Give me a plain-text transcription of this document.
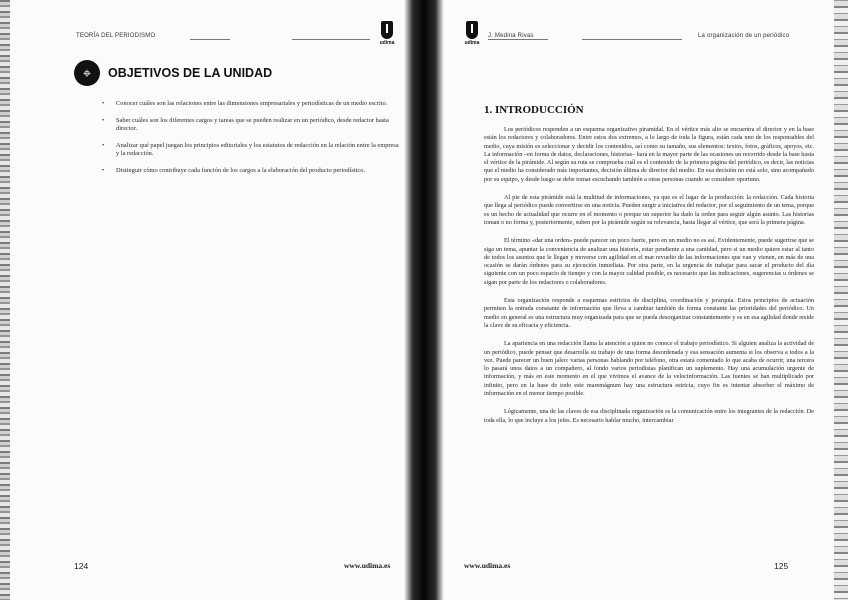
TEORÍA DEL PERIODISMO
udima
⌖	OBJETIVOS DE LA UNIDAD
• Conocer cuáles son las relaciones entre las dimensiones empresariales y periodísticas de un medio escrito.
• Saber cuáles son los diferentes cargos y tareas que se pueden realizar en un periódico, desde redactor hasta director.
• Analizar qué papel juegan los principios editoriales y los estatutos de redacción en la relación entre la empresa y la redacción.
• Distinguir cómo contribuye cada función de los cargos a la elaboración del producto periodístico.
124	www.udima.es
udima
J. Medina Rivas	La organización de un periódico
1. INTRODUCCIÓN

Los periódicos responden a un esquema organizativo piramidal. En el vértice más alto se encuentra el director y en la base están los redactores y colaboradores. Entre estos dos extremos, a lo largo de toda la figura, están cada uno de los responsables del medio, cuya misión es seleccionar y decidir los contenidos, así como su tamaño, sus elementos: textos, fotos, gráficos, apoyos, etc. La información –en forma de datos, declaraciones, historias– hará en la mayor parte de las ocasiones un recorrido desde la base hasta el vértice de la pirámide. Al según su ruta se comprueba cuál es el contenido de la primera página del periódico, es decir, las noticias que el medio ha considerado más importantes, decisión última de director del medio. En esa decisión no está solo, sino acompañado por su equipo, y desde luego se debe tomar escuchando también a otras personas cuando se considere oportuno.

Al pie de esta pirámide está la multitud de informaciones, ya que es el lugar de la producción: la redacción. Cada historia que llega al periódico puede convertirse en una noticia. Pueden surgir a iniciativa del redactor, por el seguimiento de un tema, porque es un hecho de actualidad que ocurre en el momento o porque un superior ha dado la orden para seguir algún asunto. Las historias toman o no forma y, posteriormente, suben por la pirámide según su relevancia, hasta llegar al vértice, que será la primera página.

El término «dar una orden» puede parecer un poco fuerte, pero en un medio no es así. Evidentemente, puede sugerirse que se siga un tema, apuntar la conveniencia de analizar una historia, estar pendiente a una cantidad, pero si un medio quiere estar al tanto de todos los asuntos que le llegan y moverse con agilidad en el mar revuelto de las informaciones que van y vienen, en más de una ocasión se darán órdenes para su ejecución inmediata. Por otra parte, en la urgencia de trabajar para sacar el producto del día siguiente con un poco espacio de tiempo y con la mayor calidad posible, es necesario que las indicaciones, sugerencias u órdenes se sigan por parte de los redactores o colaboradores.

Esta organización responde a esquemas estrictos de disciplina, coordinación y jerarquía. Estos principios de actuación permiten la entrada constante de información que lleva a cambiar también de forma constante las prioridades del periódico. Un medio en general es una estructura muy organizada para que se pueda desorganizar constantemente y es en esa agilidad donde reside la clave de su eficacia y eficiencia.

La apariencia en una redacción llama la atención a quien no conoce el trabajo periodístico. Si alguien analiza la actividad de un periódico, puede pensar que desarrolla su trabajo de una forma desordenada y esa sensación aumenta si los observa a todos a la vez. Puede parecer un buen jaleo: varias personas hablando por teléfono, otra estará comentado lo que acaba de ocurrir, una tercera lo pasará unos datos a un compañero, al fondo varios periodistas planifican un suplemento. Hay una acumulación urgente de información, y más en este momento en el que vivimos el avance de la velocinformación. Las fuentes se han multiplicado por infinito, pero en la base de todo este maremágnum hay una estructura estricta, cuyo fin es intentar absorber el máximo de información en el menor tiempo posible.

Lógicamente, una de las claves de esa disciplinada organización es la comunicación entre los integrantes de la redacción. De toda ella, lo que incluye a los jefes. Es necesario hablar mucho, intercambiar

www.udima.es	125
